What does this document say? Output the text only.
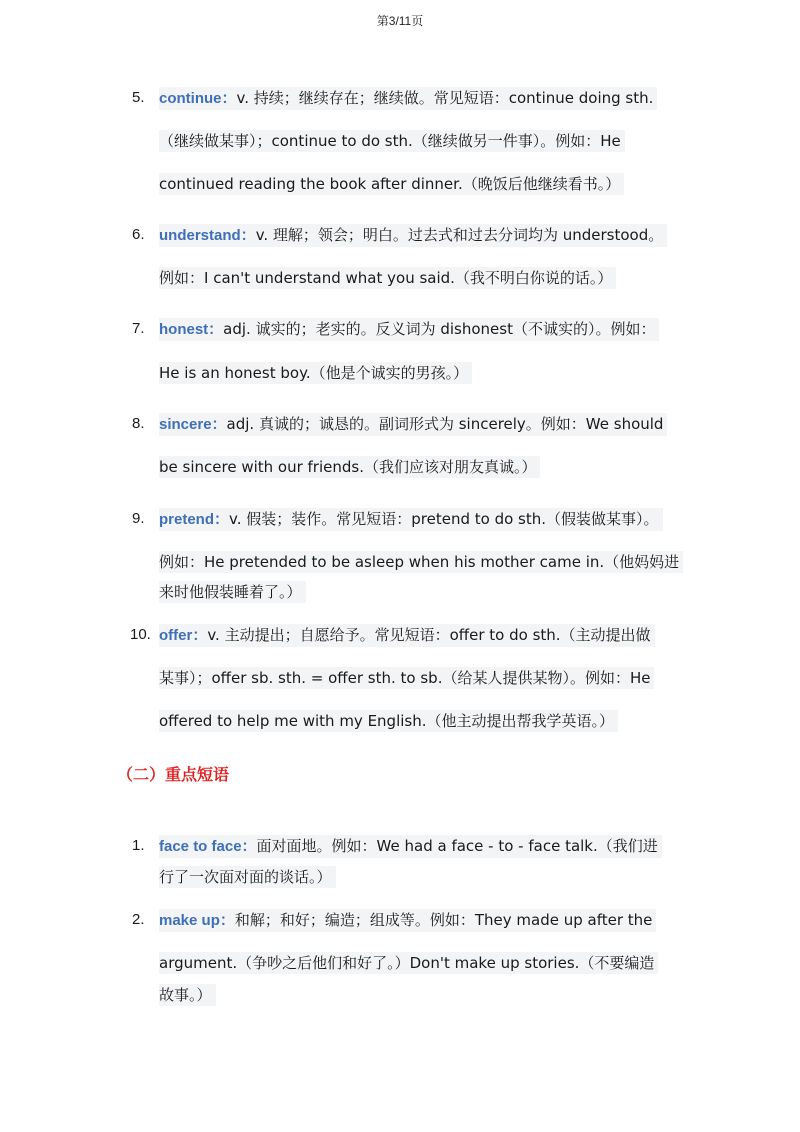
第3/11页
5. continue：v. 持续；继续存在；继续做。常见短语：continue doing sth.
（继续做某事）；continue to do sth.（继续做另一件事）。例如：He
continued reading the book after dinner.（晚饭后他继续看书。）
6. understand：v. 理解；领会；明白。过去式和过去分词均为 understood。
例如：I can't understand what you said.（我不明白你说的话。）
7. honest：adj. 诚实的；老实的。反义词为 dishonest（不诚实的）。例如：
He is an honest boy.（他是个诚实的男孩。）
8. sincere：adj. 真诚的；诚恳的。副词形式为 sincerely。例如：We should
be sincere with our friends.（我们应该对朋友真诚。）
9. pretend：v. 假装；装作。常见短语：pretend to do sth.（假装做某事）。
例如：He pretended to be asleep when his mother came in.（他妈妈进
来时他假装睡着了。）
10. offer：v. 主动提出；自愿给予。常见短语：offer to do sth.（主动提出做
某事）；offer sb. sth. = offer sth. to sb.（给某人提供某物）。例如：He
offered to help me with my English.（他主动提出帮我学英语。）
（二）重点短语
1. face to face：面对面地。例如：We had a face - to - face talk.（我们进
行了一次面对面的谈话。）
2. make up：和解；和好；编造；组成等。例如：They made up after the
argument.（争吵之后他们和好了。）Don't make up stories.（不要编造
故事。）
